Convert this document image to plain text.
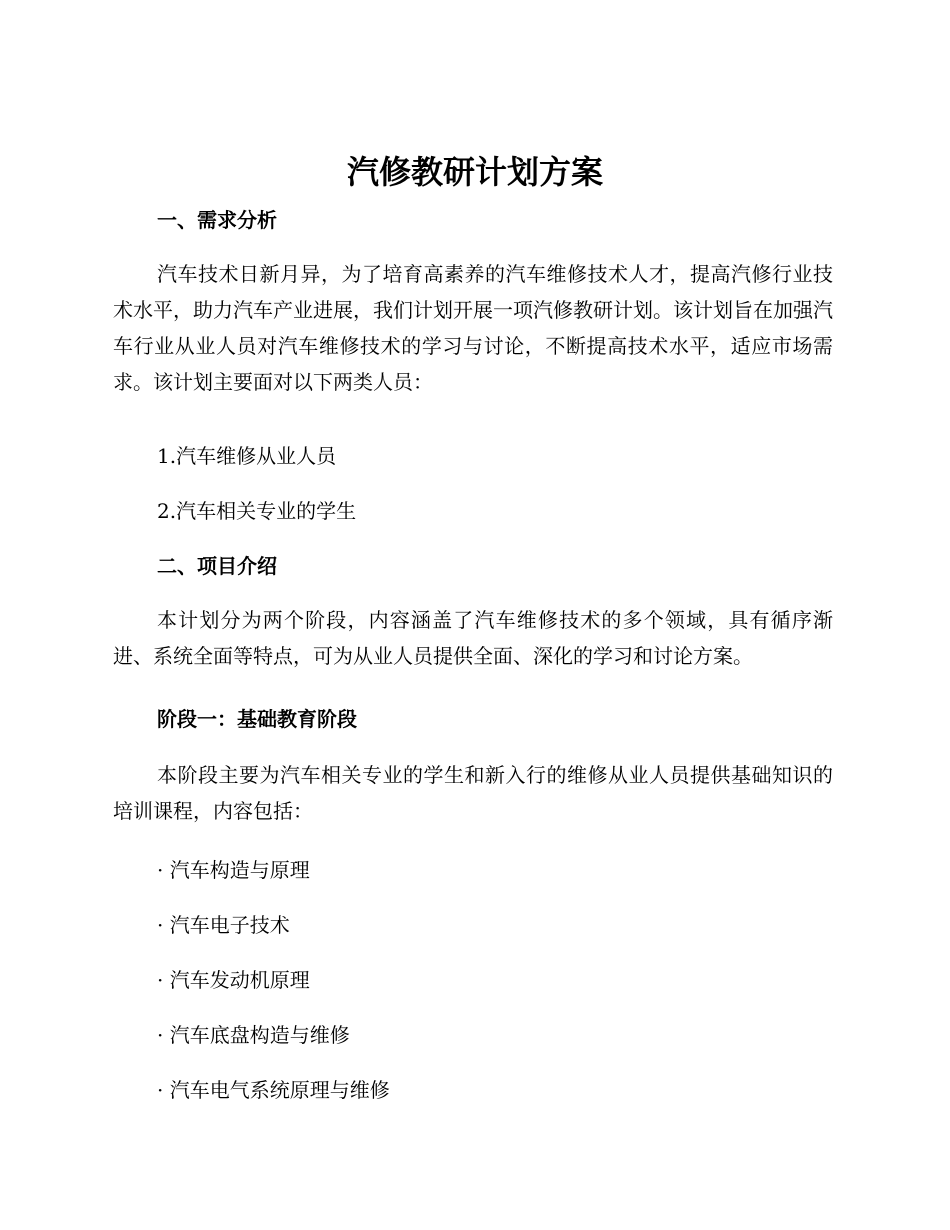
汽修教研计划方案
一、需求分析

汽车技术日新月异，为了培育高素养的汽车维修技术人才，提高汽修行业技术水平，助力汽车产业进展，我们计划开展一项汽修教研计划。该计划旨在加强汽车行业从业人员对汽车维修技术的学习与讨论，不断提高技术水平，适应市场需求。该计划主要面对以下两类人员：

1.汽车维修从业人员

2.汽车相关专业的学生

二、项目介绍

本计划分为两个阶段，内容涵盖了汽车维修技术的多个领域，具有循序渐进、系统全面等特点，可为从业人员提供全面、深化的学习和讨论方案。

阶段一：基础教育阶段

本阶段主要为汽车相关专业的学生和新入行的维修从业人员提供基础知识的培训课程，内容包括：

· 汽车构造与原理

· 汽车电子技术

· 汽车发动机原理

· 汽车底盘构造与维修

· 汽车电气系统原理与维修
